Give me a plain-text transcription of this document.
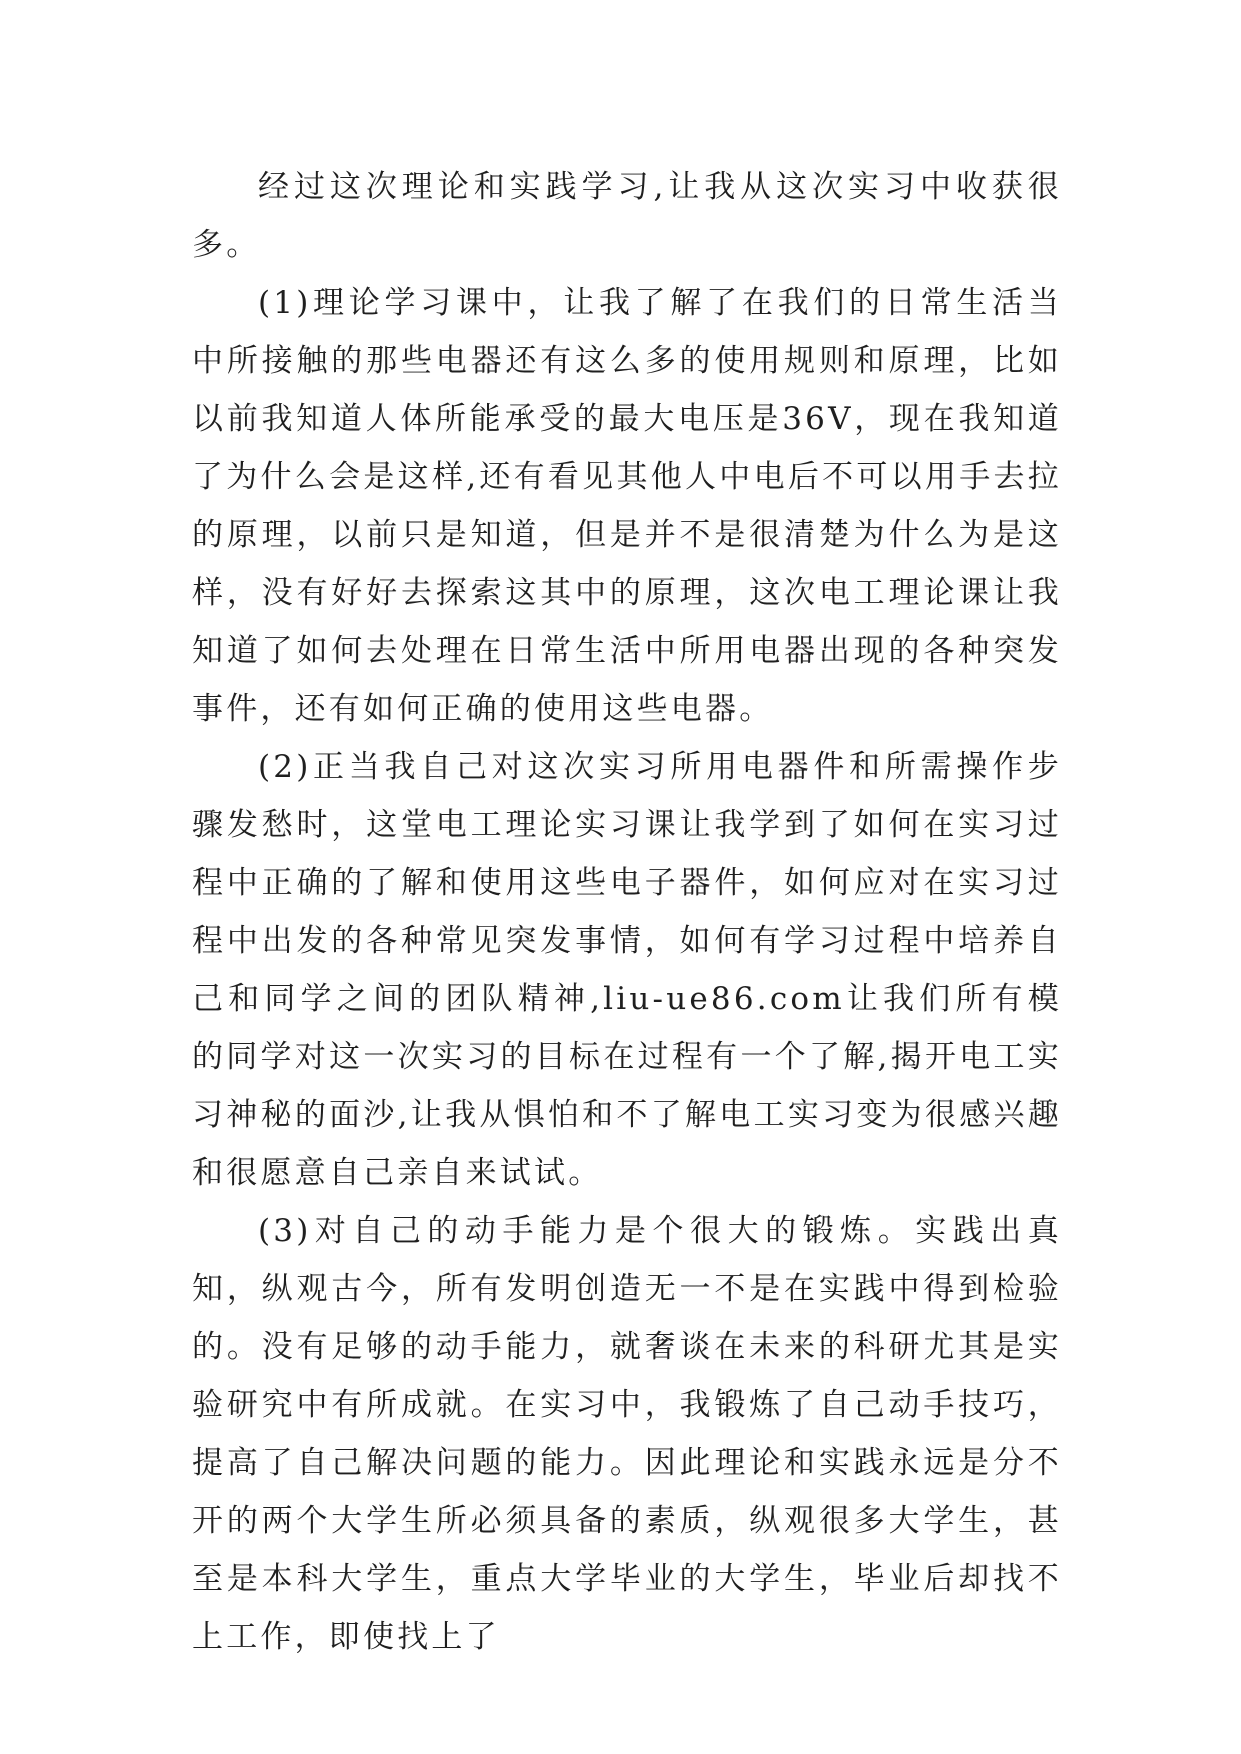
经过这次理论和实践学习,让我从这次实习中收获很多。

(1)理论学习课中，让我了解了在我们的日常生活当中所接触的那些电器还有这么多的使用规则和原理，比如以前我知道人体所能承受的最大电压是36V，现在我知道了为什么会是这样,还有看见其他人中电后不可以用手去拉的原理，以前只是知道，但是并不是很清楚为什么为是这样，没有好好去探索这其中的原理，这次电工理论课让我知道了如何去处理在日常生活中所用电器出现的各种突发事件，还有如何正确的使用这些电器。

(2)正当我自己对这次实习所用电器件和所需操作步骤发愁时，这堂电工理论实习课让我学到了如何在实习过程中正确的了解和使用这些电子器件，如何应对在实习过程中出发的各种常见突发事情，如何有学习过程中培养自己和同学之间的团队精神,liu-ue86.com让我们所有模的同学对这一次实习的目标在过程有一个了解,揭开电工实习神秘的面沙,让我从惧怕和不了解电工实习变为很感兴趣和很愿意自己亲自来试试。

(3)对自己的动手能力是个很大的锻炼。实践出真知，纵观古今，所有发明创造无一不是在实践中得到检验的。没有足够的动手能力，就奢谈在未来的科研尤其是实验研究中有所成就。在实习中，我锻炼了自己动手技巧，提高了自己解决问题的能力。因此理论和实践永远是分不开的两个大学生所必须具备的素质，纵观很多大学生，甚至是本科大学生，重点大学毕业的大学生，毕业后却找不上工作，即使找上了
